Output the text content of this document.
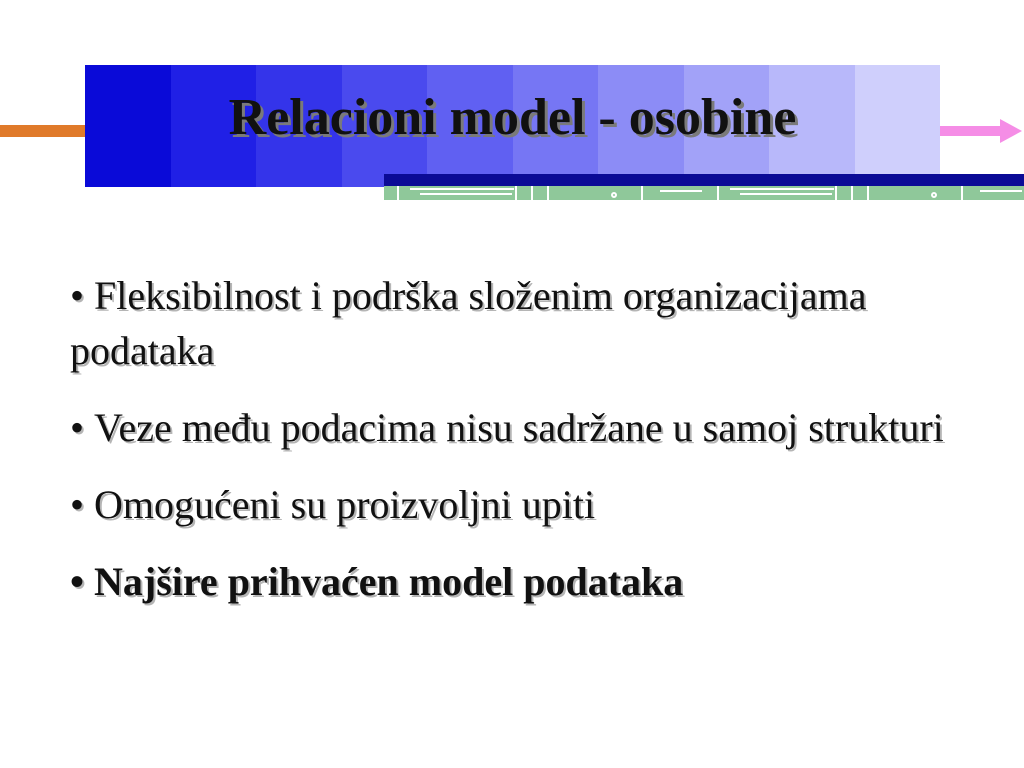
Relacioni model - osobine
• Fleksibilnost i podrška složenim organizacijama podataka
• Veze među podacima nisu sadržane u samoj strukturi
• Omogućeni su proizvoljni upiti
• Najšire prihvaćen model podataka
